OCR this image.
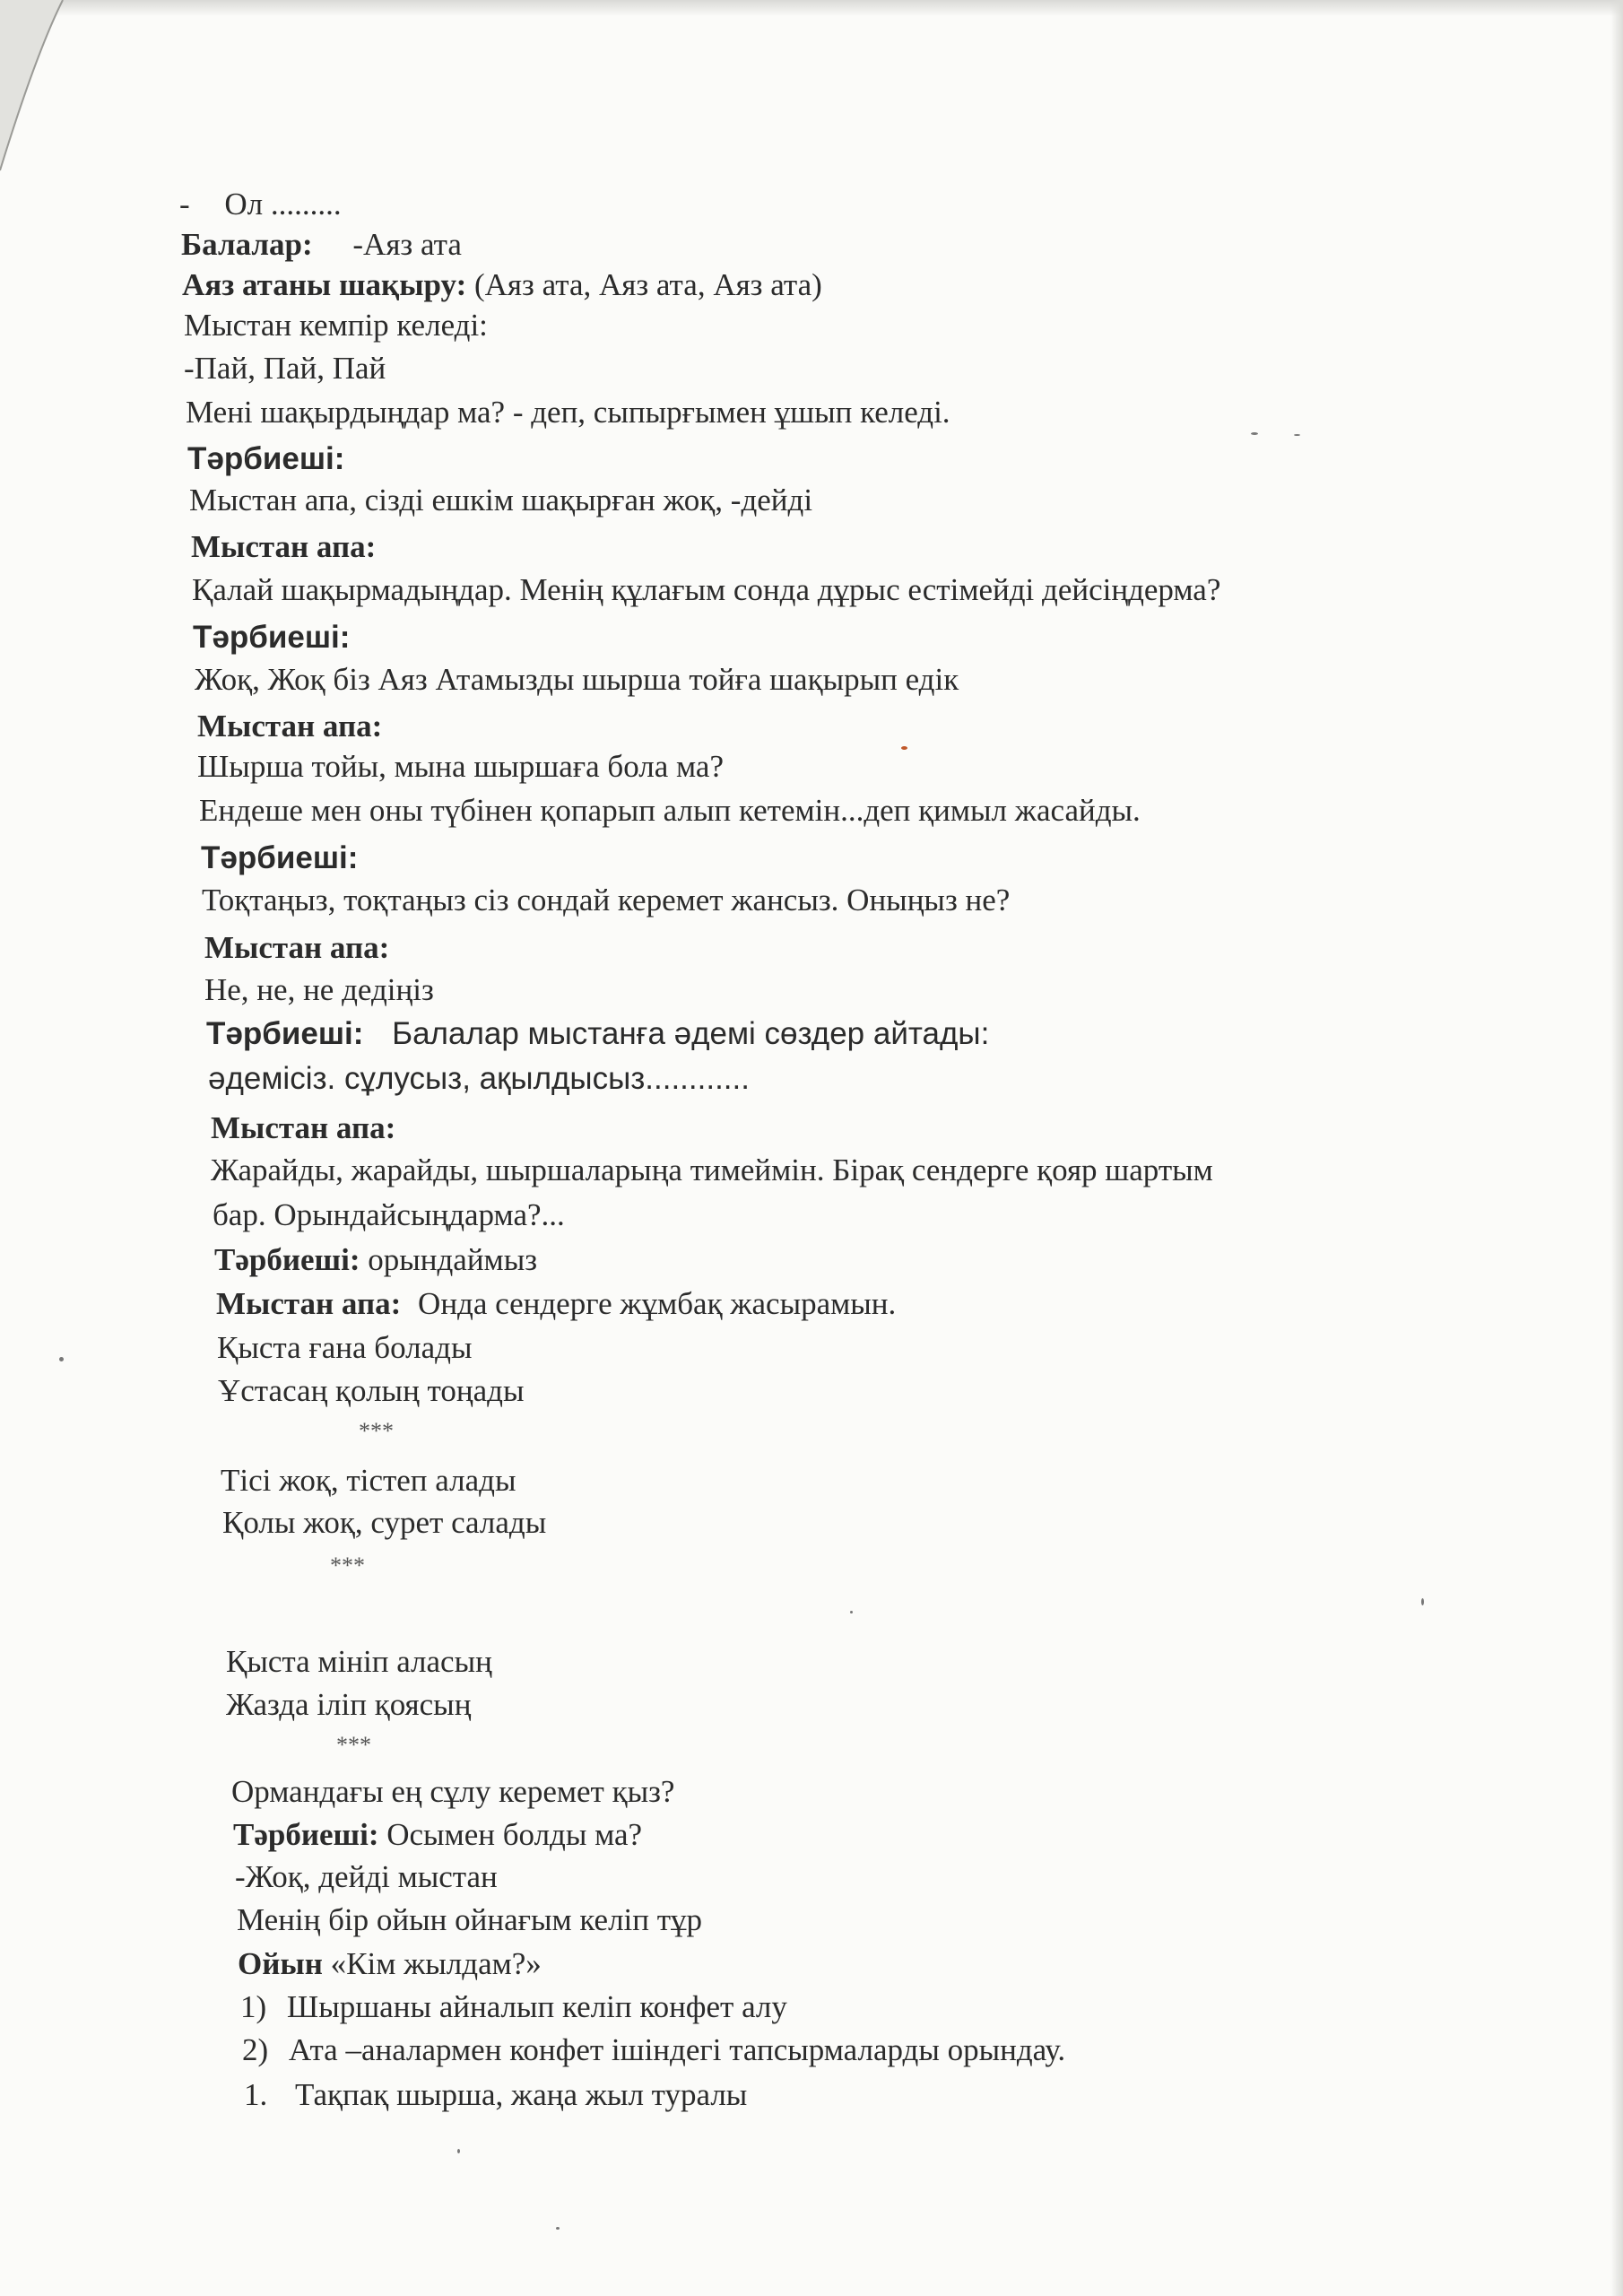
- Ол .........
Балалар: -Аяз ата
Аяз атаны шақыру: (Аяз ата, Аяз ата, Аяз ата)
Мыстан кемпір келеді:
-Пай, Пай, Пай
Мені шақырдыңдар ма? - деп, сыпырғымен ұшып келеді.
Тәрбиеші:
Мыстан апа, сізді ешкім шақырған жоқ, -дейді
Мыстан апа:
Қалай шақырмадыңдар. Менің құлағым сонда дұрыс естімейді дейсіңдерма?
Тәрбиеші:
Жоқ, Жоқ біз Аяз Атамызды шырша тойға шақырып едік
Мыстан апа:
Шырша тойы, мына шыршаға бола ма?
Ендеше мен оны түбінен қопарып алып кетемін...деп қимыл жасайды.
Тәрбиеші:
Тоқтаңыз, тоқтаңыз сіз сондай керемет жансыз. Оныңыз не?
Мыстан апа:
Не, не, не дедіңіз
Тәрбиеші: Балалар мыстанға әдемі сөздер айтады:
әдемісіз. сұлусыз, ақылдысыз............
Мыстан апа:
Жарайды, жарайды, шыршаларыңа тимеймін. Бірақ сендерге қояр шартым
бар. Орындайсыңдарма?...
Тәрбиеші: орындаймыз
Мыстан апа: Онда сендерге жұмбақ жасырамын.
Қыста ғана болады
Ұстасаң қолың тоңады
***
Тісі жоқ, тістеп алады
Қолы жоқ, сурет салады
***
Қыста мініп аласың
Жазда іліп қоясың
***
Ормандағы ең сұлу керемет қыз?
Тәрбиеші: Осымен болды ма?
-Жоқ, дейді мыстан
Менің бір ойын ойнағым келіп тұр
Ойын «Кім жылдам?»
1) Шыршаны айналып келіп конфет алу
2) Ата –аналармен конфет ішіндегі тапсырмаларды орындау.
1. Тақпақ шырша, жаңа жыл туралы
